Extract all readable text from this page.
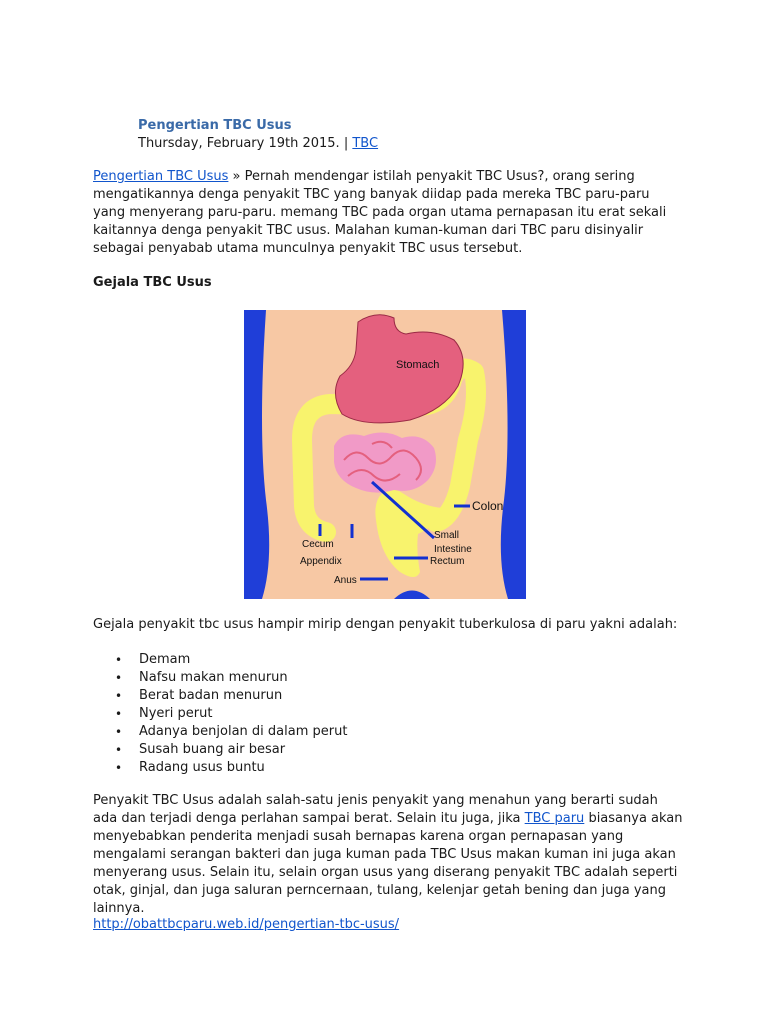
Pengertian TBC Usus
Thursday, February 19th 2015. | TBC
Pengertian TBC Usus » Pernah mendengar istilah penyakit TBC Usus?, orang sering mengatikannya denga penyakit TBC yang banyak diidap pada mereka TBC paru-paru yang menyerang paru-paru. memang TBC pada organ utama pernapasan itu erat sekali kaitannya denga penyakit TBC usus. Malahan kuman-kuman dari TBC paru disinyalir sebagai penyabab utama munculnya penyakit TBC usus tersebut.
Gejala TBC Usus
Stomach
Colon
Cecum
Appendix
Small
Intestine
Rectum
Anus
Gejala penyakit tbc usus hampir mirip dengan penyakit tuberkulosa di paru yakni adalah:
• Demam
• Nafsu makan menurun
• Berat badan menurun
• Nyeri perut
• Adanya benjolan di dalam perut
• Susah buang air besar
• Radang usus buntu
Penyakit TBC Usus adalah salah-satu jenis penyakit yang menahun yang berarti sudah ada dan terjadi denga perlahan sampai berat. Selain itu juga, jika TBC paru biasanya akan menyebabkan penderita menjadi susah bernapas karena organ pernapasan yang mengalami serangan bakteri dan juga kuman pada TBC Usus makan kuman ini juga akan menyerang usus. Selain itu, selain organ usus yang diserang penyakit TBC adalah seperti otak, ginjal, dan juga saluran perncernaan, tulang, kelenjar getah bening dan juga yang lainnya.
http://obattbcparu.web.id/pengertian-tbc-usus/
